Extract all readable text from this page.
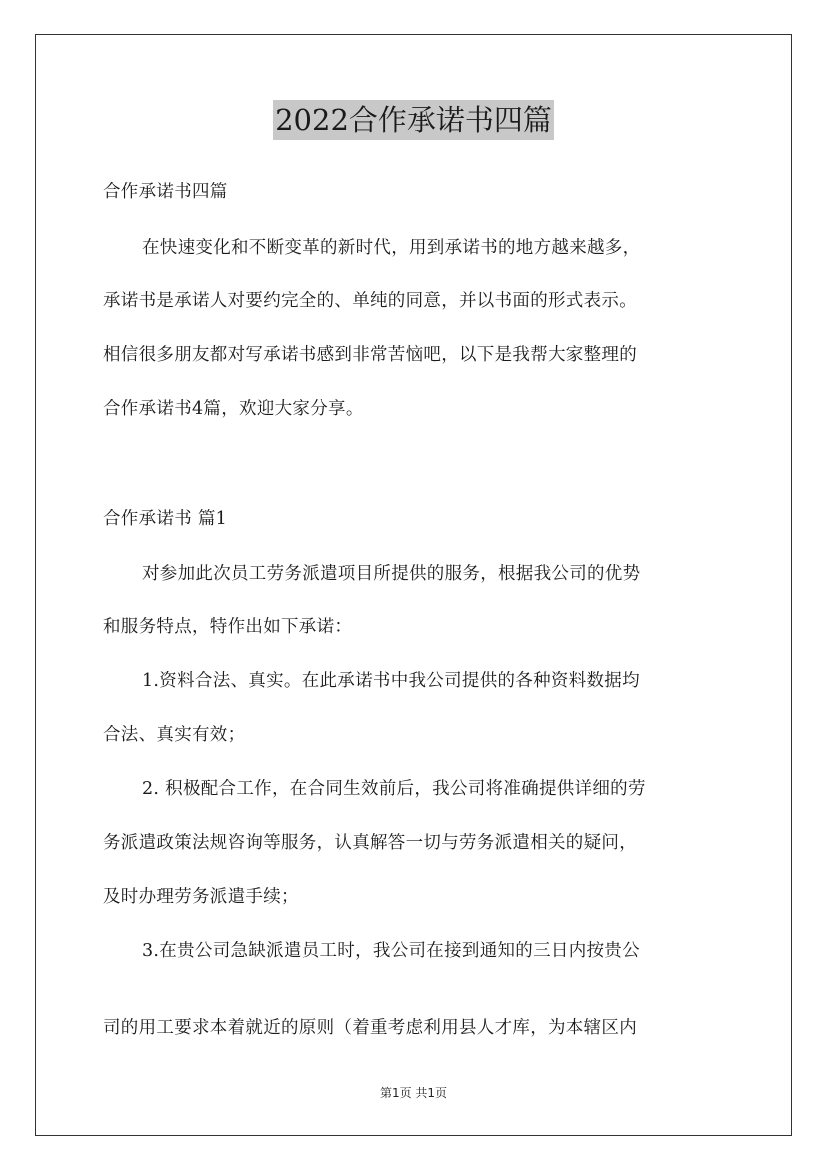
2022合作承诺书四篇
合作承诺书四篇
在快速变化和不断变革的新时代，用到承诺书的地方越来越多，
承诺书是承诺人对要约完全的、单纯的同意，并以书面的形式表示。
相信很多朋友都对写承诺书感到非常苦恼吧，以下是我帮大家整理的
合作承诺书4篇，欢迎大家分享。
合作承诺书 篇1
对参加此次员工劳务派遣项目所提供的服务，根据我公司的优势
和服务特点，特作出如下承诺：
1.资料合法、真实。在此承诺书中我公司提供的各种资料数据均
合法、真实有效；
2. 积极配合工作，在合同生效前后，我公司将准确提供详细的劳
务派遣政策法规咨询等服务，认真解答一切与劳务派遣相关的疑问，
及时办理劳务派遣手续；
3.在贵公司急缺派遣员工时，我公司在接到通知的三日内按贵公
司的用工要求本着就近的原则（着重考虑利用县人才库，为本辖区内
第1页 共1页
